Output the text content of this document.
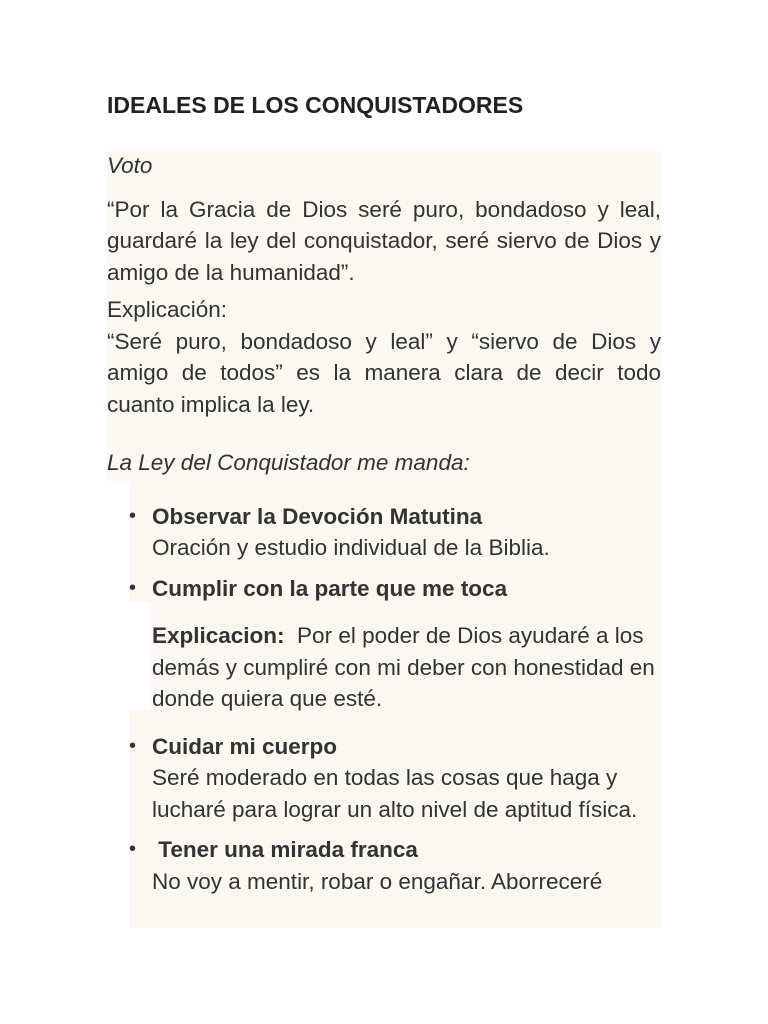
IDEALES DE LOS CONQUISTADORES

Voto

“Por la Gracia de Dios seré puro, bondadoso y leal, guardaré la ley del conquistador, seré siervo de Dios y amigo de la humanidad”.

Explicación:

“Seré puro, bondadoso y leal” y “siervo de Dios y amigo de todos” es la manera clara de decir todo cuanto implica la ley.

La Ley del Conquistador me manda:

• Observar la Devoción Matutina
Oración y estudio individual de la Biblia.
• Cumplir con la parte que me toca
Explicacion:  Por el poder de Dios ayudaré a los demás y cumpliré con mi deber con honestidad en donde quiera que esté.
• Cuidar mi cuerpo
Seré moderado en todas las cosas que haga y lucharé para lograr un alto nivel de aptitud física.
• Tener una mirada franca
No voy a mentir, robar o engañar. Aborreceré
